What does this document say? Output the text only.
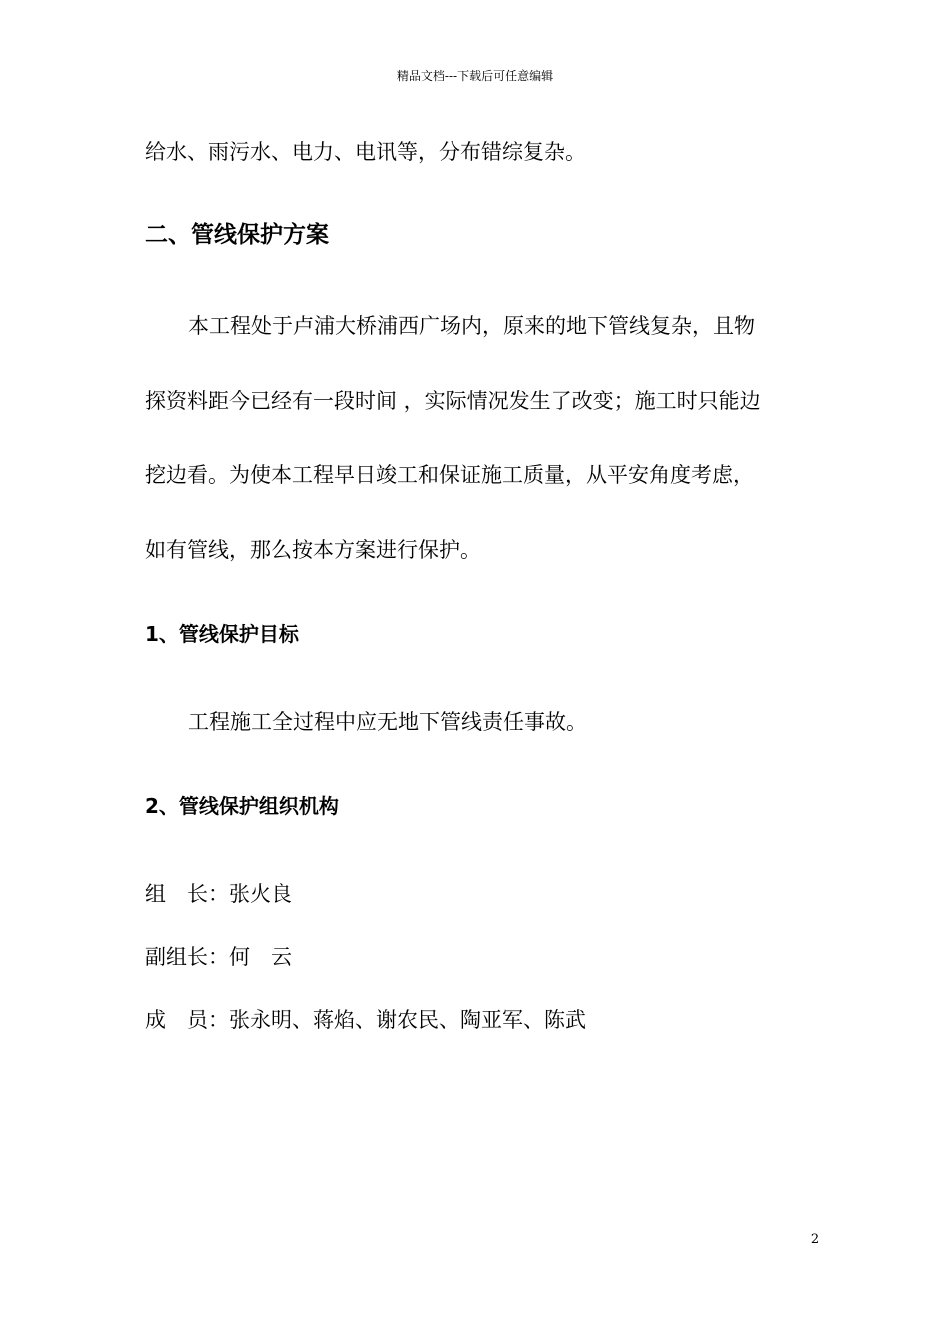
精品文档---下载后可任意编辑
给水、雨污水、电力、电讯等，分布错综复杂。
二、管线保护方案
本工程处于卢浦大桥浦西广场内，原来的地下管线复杂，且物
探资料距今已经有一段时间 ，实际情况发生了改变；施工时只能边
挖边看。为使本工程早日竣工和保证施工质量，从平安角度考虑，
如有管线，那么按本方案进行保护。
1、管线保护目标
工程施工全过程中应无地下管线责任事故。
2、管线保护组织机构
组　长：张火良
副组长：何　云
成　员：张永明、蒋焰、谢农民、陶亚军、陈武
2
